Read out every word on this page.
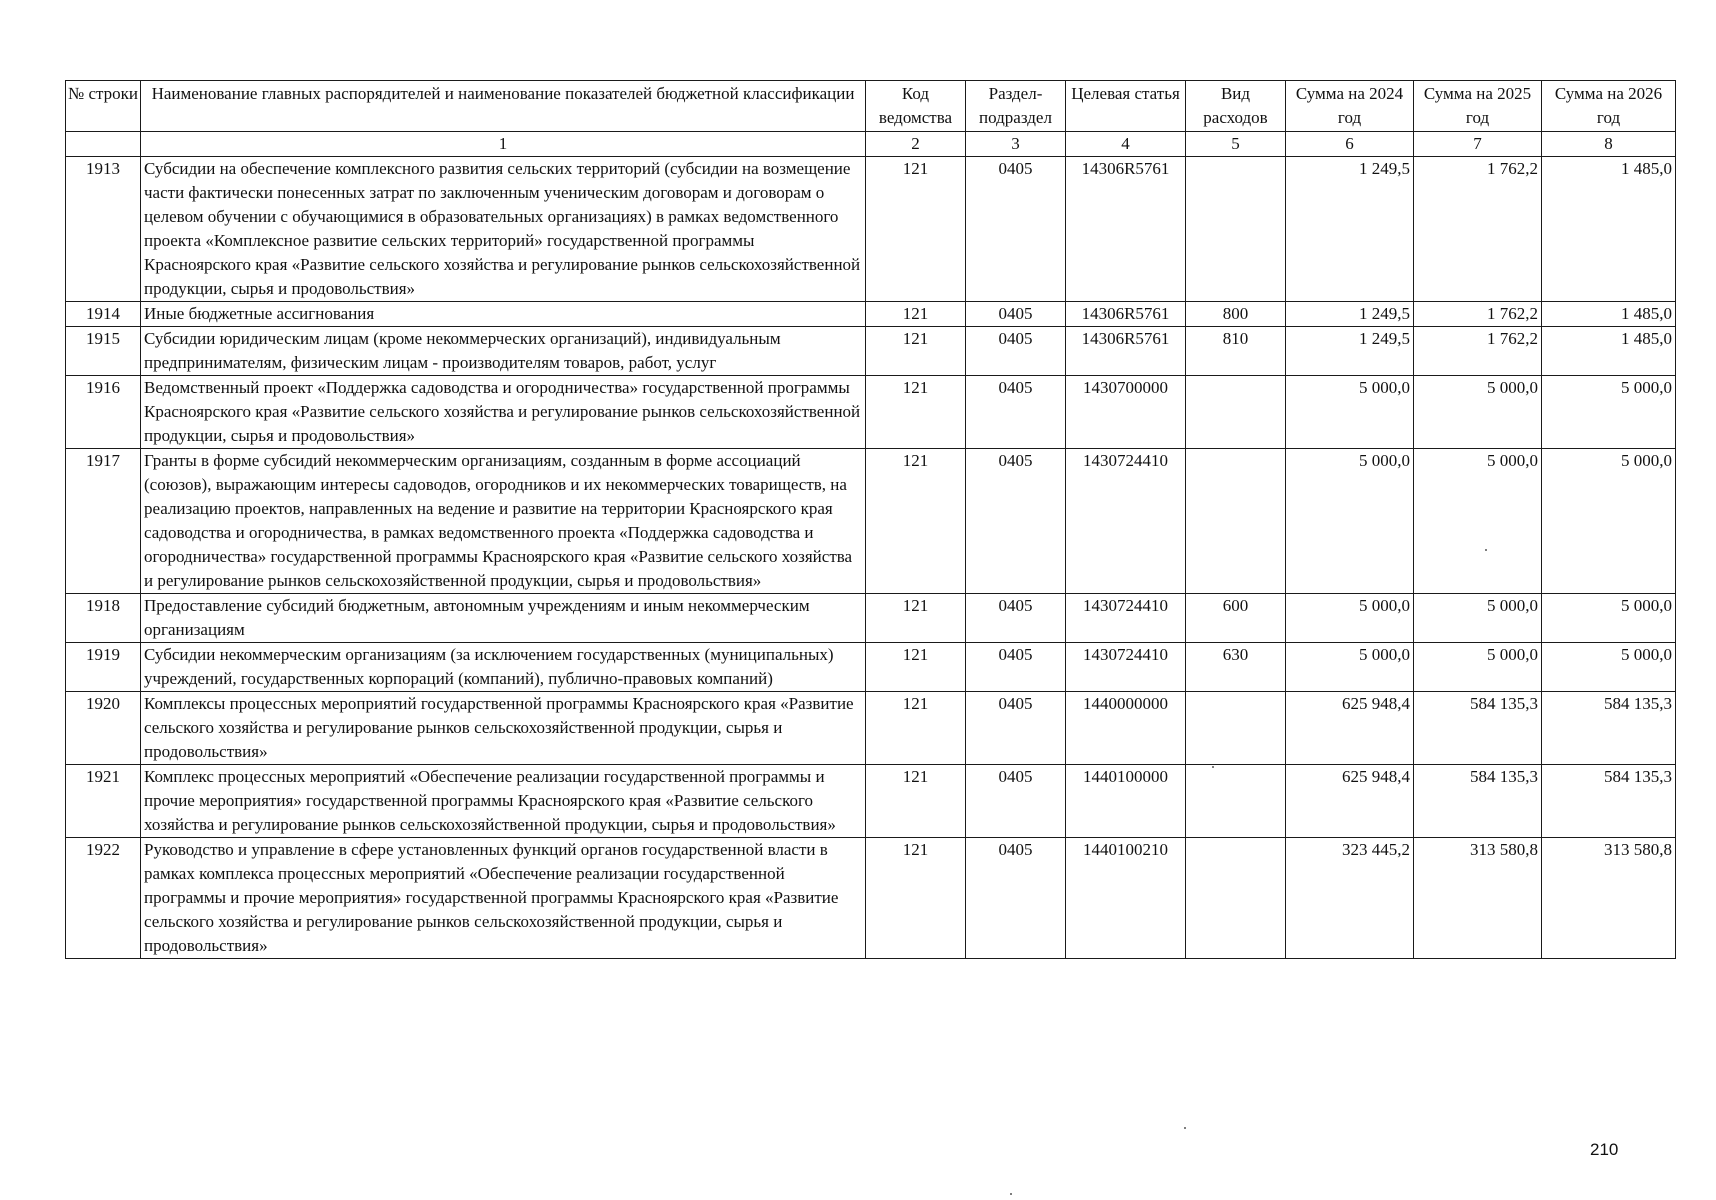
№ строки	Наименование главных распорядителей и наименование показателей бюджетной классификации	Код ведомства	Раздел-подраздел	Целевая статья	Вид расходов	Сумма на 2024 год	Сумма на 2025 год	Сумма на 2026 год
	1	2	3	4	5	6	7	8
1913	Субсидии на обеспечение комплексного развития сельских территорий (субсидии на возмещение части фактически понесенных затрат по заключенным ученическим договорам и договорам о целевом обучении с обучающимися в образовательных организациях) в рамках ведомственного проекта «Комплексное развитие сельских территорий» государственной программы Красноярского края «Развитие сельского хозяйства и регулирование рынков сельскохозяйственной продукции, сырья и продовольствия»	121	0405	14306R5761		1 249,5	1 762,2	1 485,0
1914	Иные бюджетные ассигнования	121	0405	14306R5761	800	1 249,5	1 762,2	1 485,0
1915	Субсидии юридическим лицам (кроме некоммерческих организаций), индивидуальным предпринимателям, физическим лицам - производителям товаров, работ, услуг	121	0405	14306R5761	810	1 249,5	1 762,2	1 485,0
1916	Ведомственный проект «Поддержка садоводства и огородничества» государственной программы Красноярского края «Развитие сельского хозяйства и регулирование рынков сельскохозяйственной продукции, сырья и продовольствия»	121	0405	1430700000		5 000,0	5 000,0	5 000,0
1917	Гранты в форме субсидий некоммерческим организациям, созданным в форме ассоциаций (союзов), выражающим интересы садоводов, огородников и их некоммерческих товариществ, на реализацию проектов, направленных на ведение и развитие на территории Красноярского края садоводства и огородничества, в рамках ведомственного проекта «Поддержка садоводства и огородничества» государственной программы Красноярского края «Развитие сельского хозяйства и регулирование рынков сельскохозяйственной продукции, сырья и продовольствия»	121	0405	1430724410		5 000,0	5 000,0	5 000,0
1918	Предоставление субсидий бюджетным, автономным учреждениям и иным некоммерческим организациям	121	0405	1430724410	600	5 000,0	5 000,0	5 000,0
1919	Субсидии некоммерческим организациям (за исключением государственных (муниципальных) учреждений, государственных корпораций (компаний), публично-правовых компаний)	121	0405	1430724410	630	5 000,0	5 000,0	5 000,0
1920	Комплексы процессных мероприятий государственной программы Красноярского края «Развитие сельского хозяйства и регулирование рынков сельскохозяйственной продукции, сырья и продовольствия»	121	0405	1440000000		625 948,4	584 135,3	584 135,3
1921	Комплекс процессных мероприятий «Обеспечение реализации государственной программы и прочие мероприятия» государственной программы Красноярского края «Развитие сельского хозяйства и регулирование рынков сельскохозяйственной продукции, сырья и продовольствия»	121	0405	1440100000		625 948,4	584 135,3	584 135,3
1922	Руководство и управление в сфере установленных функций органов государственной власти в рамках комплекса процессных мероприятий «Обеспечение реализации государственной программы и прочие мероприятия» государственной программы Красноярского края «Развитие сельского хозяйства и регулирование рынков сельскохозяйственной продукции, сырья и продовольствия»	121	0405	1440100210		323 445,2	313 580,8	313 580,8
210
